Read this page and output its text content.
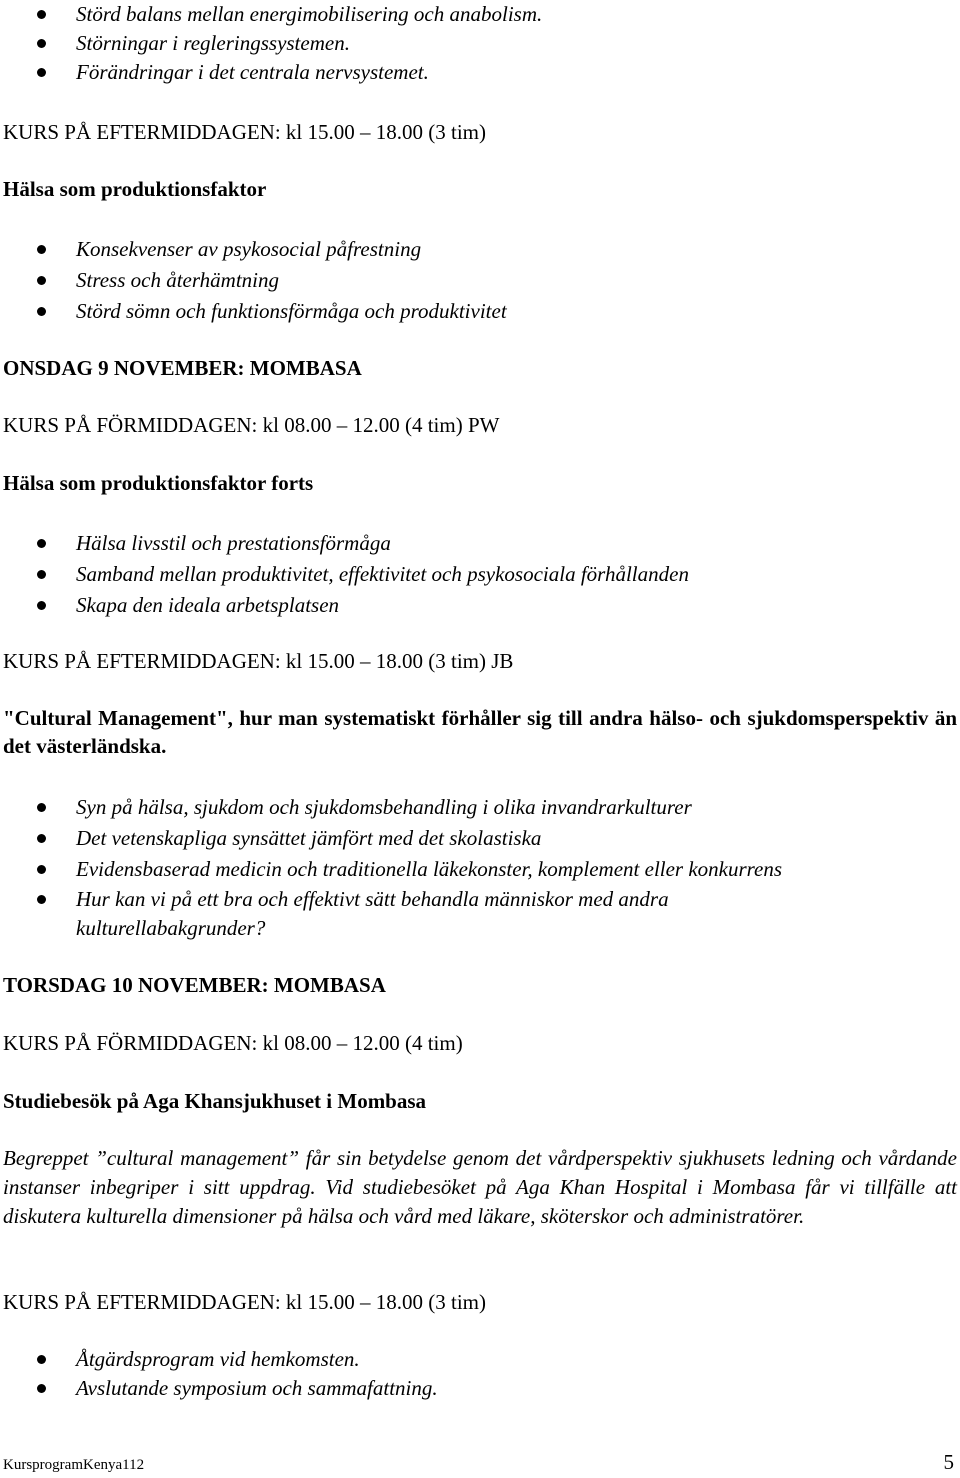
Störd balans mellan energimobilisering och anabolism.
Störningar i regleringssystemen.
Förändringar i det centrala nervsystemet.

KURS PÅ EFTERMIDDAGEN: kl 15.00 – 18.00 (3 tim)

Hälsa som produktionsfaktor

Konsekvenser av psykosocial påfrestning
Stress och återhämtning
Störd sömn och funktionsförmåga och produktivitet

ONSDAG 9 NOVEMBER: MOMBASA

KURS PÅ FÖRMIDDAGEN: kl 08.00 – 12.00 (4 tim) PW

Hälsa som produktionsfaktor forts

Hälsa livsstil och prestationsförmåga
Samband mellan produktivitet, effektivitet och psykosociala förhållanden
Skapa den ideala arbetsplatsen

KURS PÅ EFTERMIDDAGEN: kl 15.00 – 18.00 (3 tim) JB

"Cultural Management", hur man systematiskt förhåller sig till andra hälso- och sjukdomsperspektiv än det västerländska.

Syn på hälsa, sjukdom och sjukdomsbehandling i olika invandrarkulturer
Det vetenskapliga synsättet jämfört med det skolastiska
Evidensbaserad medicin och traditionella läkekonster, komplement eller konkurrens
Hur kan vi på ett bra och effektivt sätt behandla människor med andra kulturellabakgrunder?

TORSDAG 10 NOVEMBER: MOMBASA

KURS PÅ FÖRMIDDAGEN: kl 08.00 – 12.00 (4 tim)

Studiebesök på Aga Khansjukhuset i Mombasa

Begreppet ”cultural management” får sin betydelse genom det vårdperspektiv sjukhusets ledning och vårdande instanser inbegriper i sitt uppdrag. Vid studiebesöket på Aga Khan Hospital i Mombasa får vi tillfälle att diskutera kulturella dimensioner på hälsa och vård med läkare, sköterskor och administratörer.

KURS PÅ EFTERMIDDAGEN: kl 15.00 – 18.00 (3 tim)

Åtgärdsprogram vid hemkomsten.
Avslutande symposium och sammafattning.
KursprogramKenya112	5
